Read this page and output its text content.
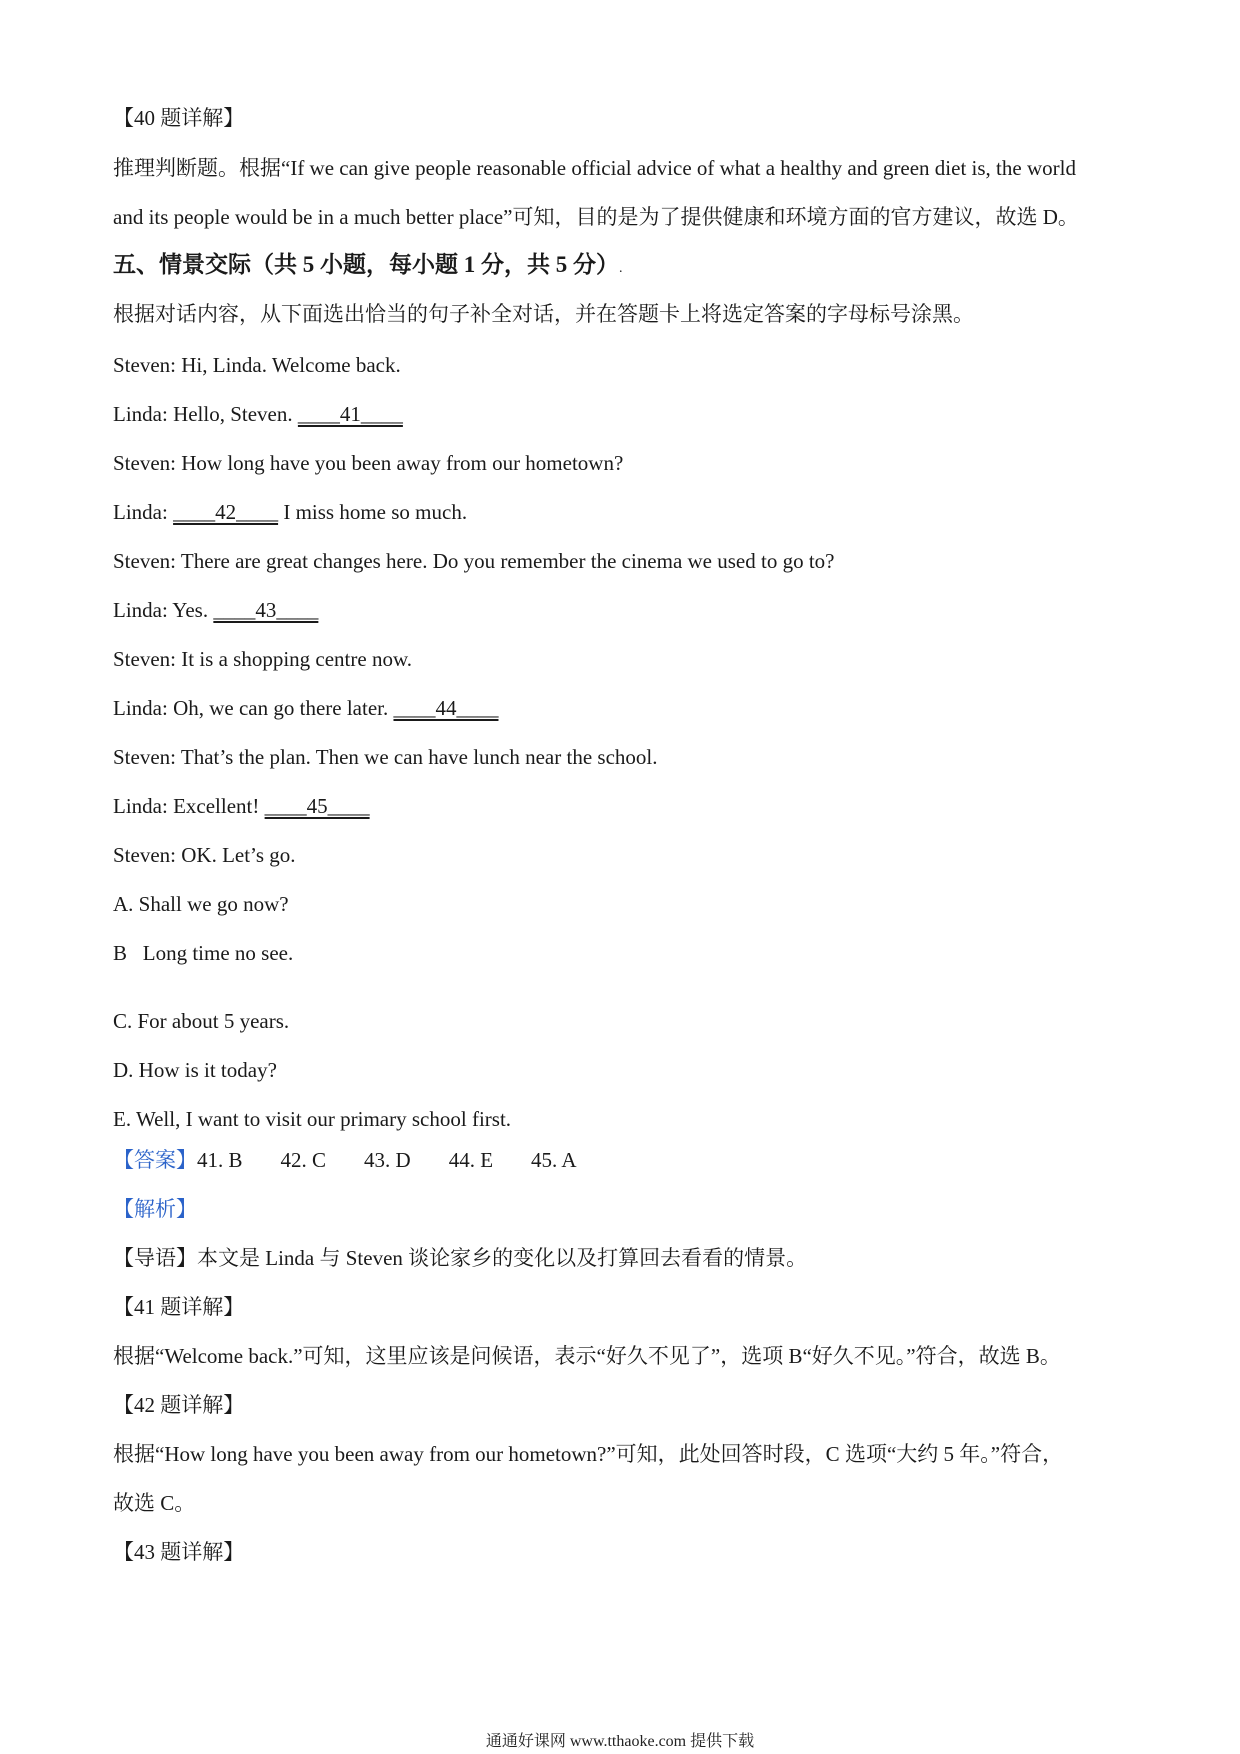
【40 题详解】
推理判断题。根据“If we can give people reasonable official advice of what a healthy and green diet is, the world
and its people would be in a much better place”可知，目的是为了提供健康和环境方面的官方建议，故选 D。
五、情景交际（共 5 小题，每小题 1 分，共 5 分）.
根据对话内容，从下面选出恰当的句子补全对话，并在答题卡上将选定答案的字母标号涂黑。
Steven: Hi, Linda. Welcome back.
Linda: Hello, Steven. ____41____
Steven: How long have you been away from our hometown?
Linda: ____42____ I miss home so much.
Steven: There are great changes here. Do you remember the cinema we used to go to?
Linda: Yes. ____43____
Steven: It is a shopping centre now.
Linda: Oh, we can go there later. ____44____
Steven: That’s the plan. Then we can have lunch near the school.
Linda: Excellent! ____45____
Steven: OK. Let’s go.
A. Shall we go now?
B   Long time no see.
C. For about 5 years.
D. How is it today?
E. Well, I want to visit our primary school first.
【答案】41. B 42. C 43. D 44. E 45. A
【解析】
【导语】本文是 Linda 与 Steven 谈论家乡的变化以及打算回去看看的情景。
【41 题详解】
根据“Welcome back.”可知，这里应该是问候语，表示“好久不见了”，选项 B“好久不见。”符合，故选 B。
【42 题详解】
根据“How long have you been away from our hometown?”可知，此处回答时段，C 选项“大约 5 年。”符合，
故选 C。
【43 题详解】
通通好课网 www.tthaoke.com 提供下载
